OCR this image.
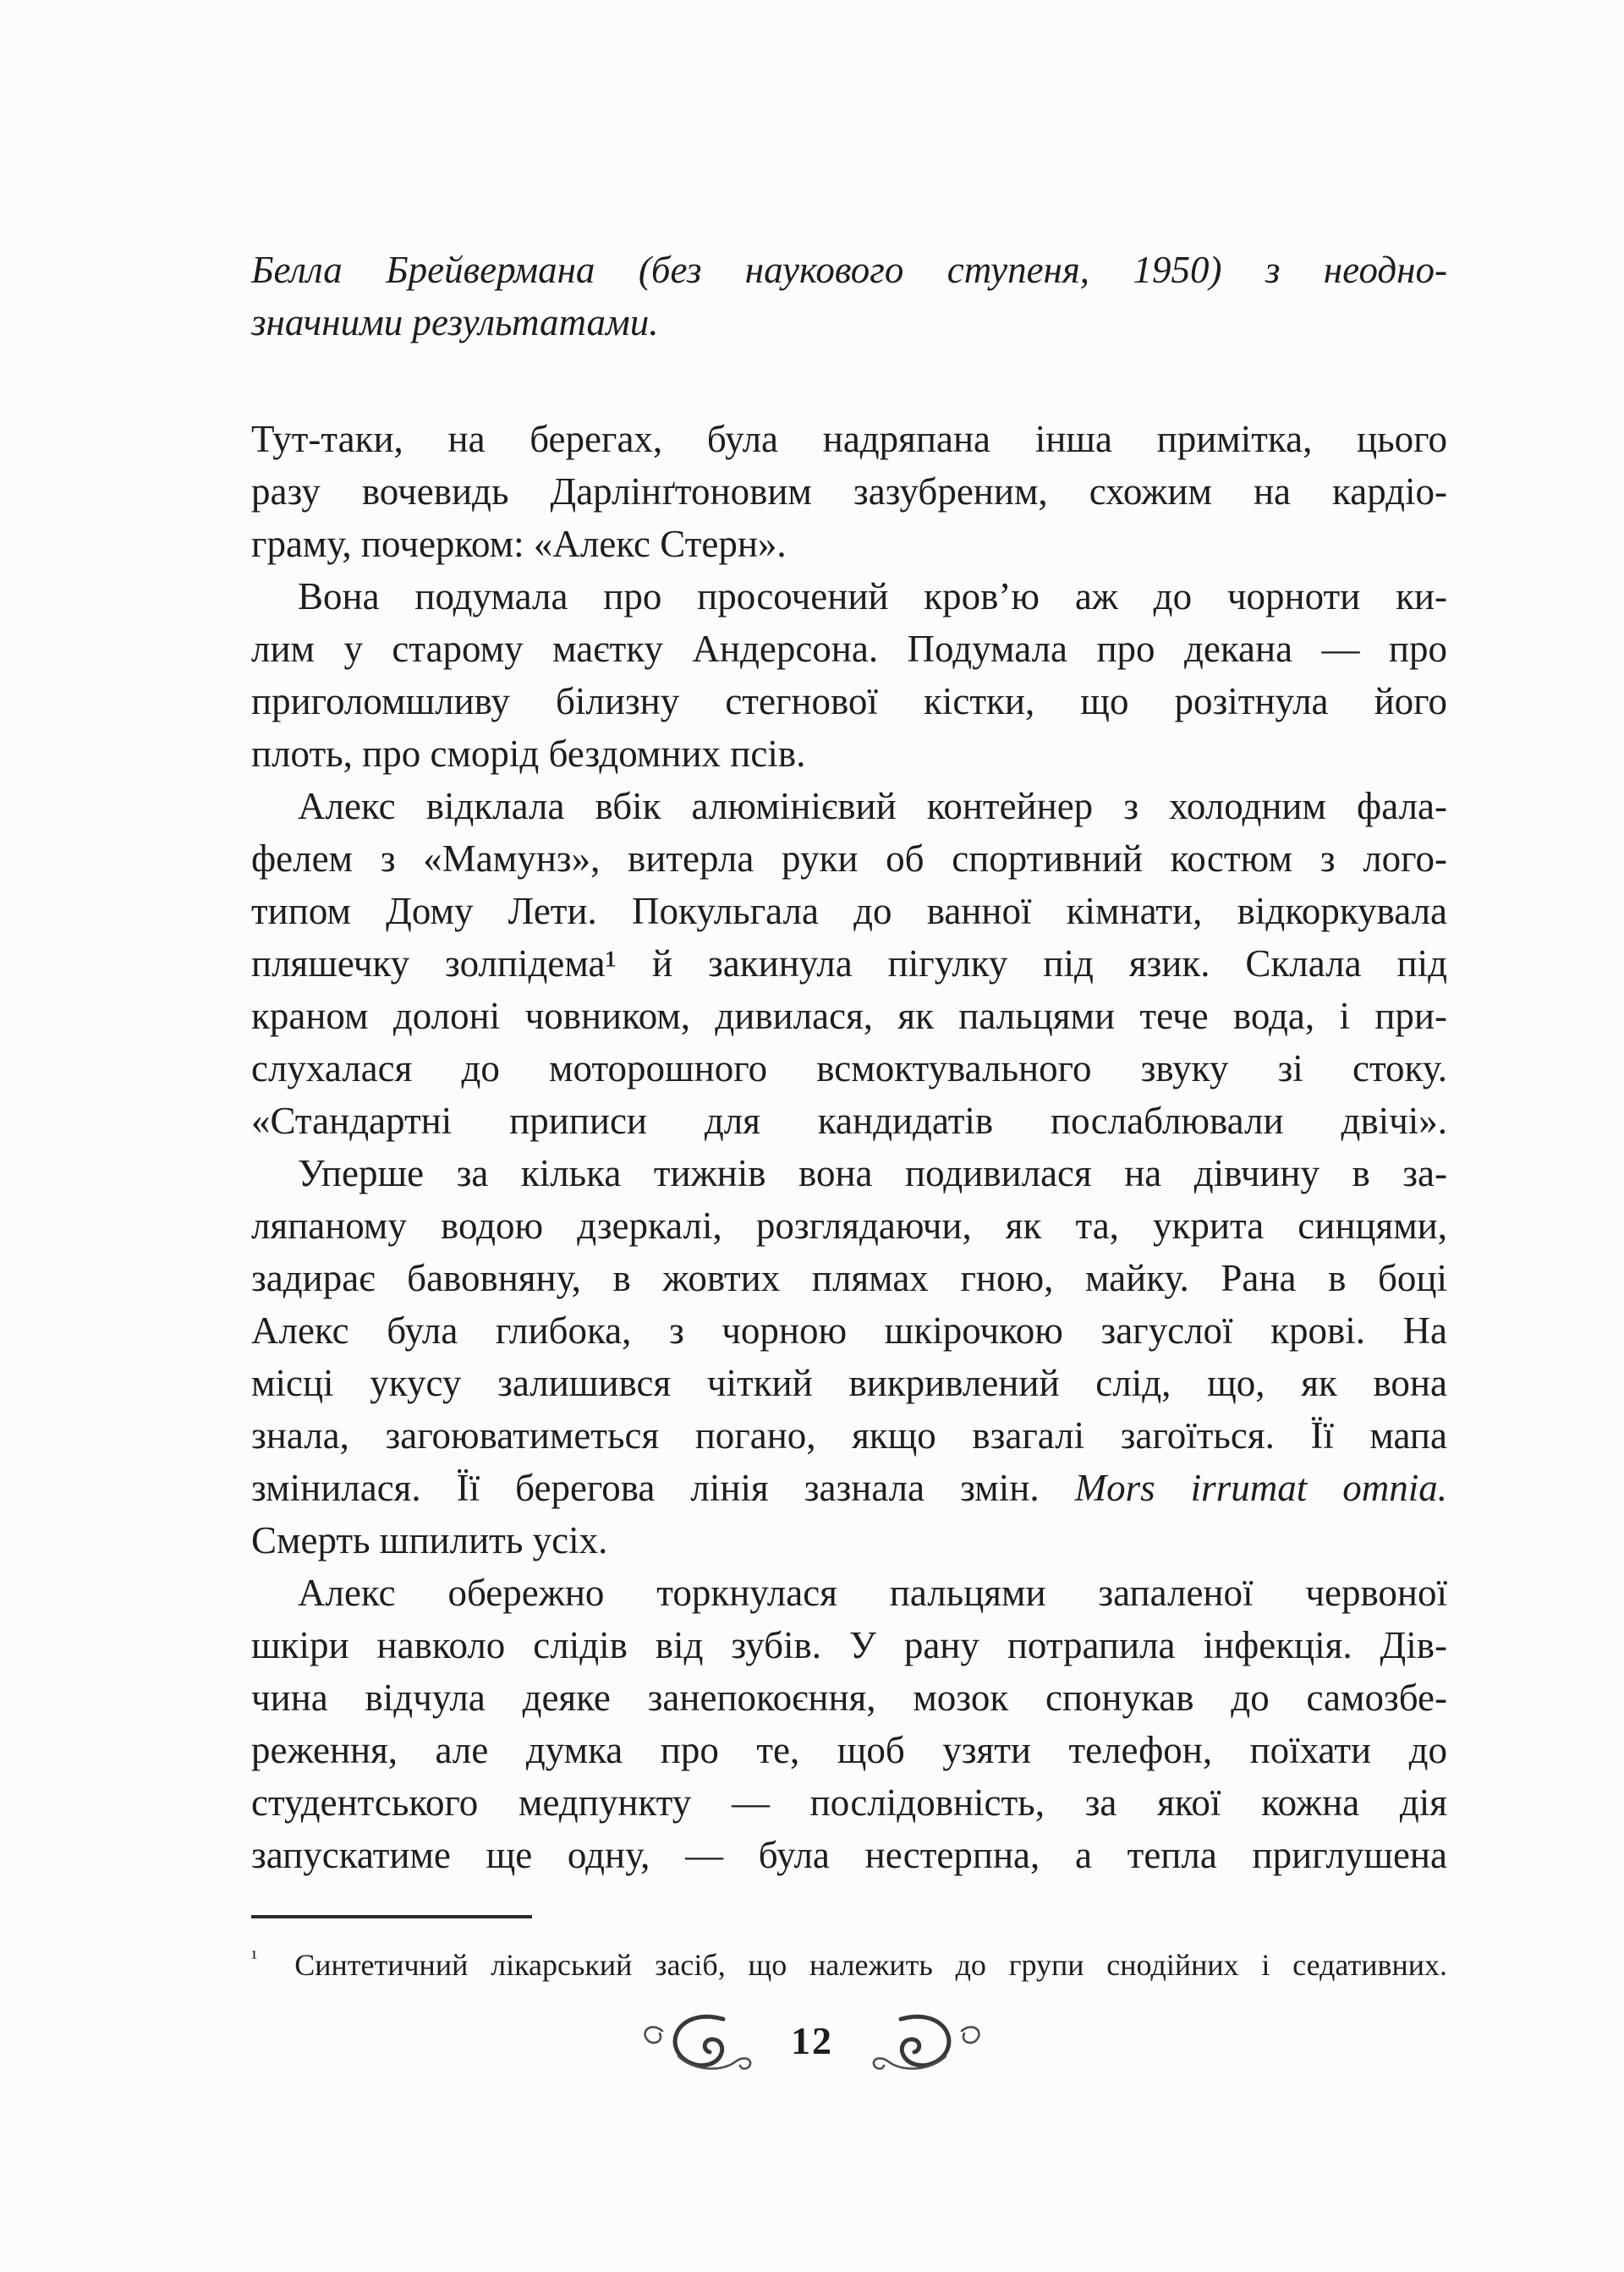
Белла Брейвермана (без наукового ступеня, 1950) з неодно-
значними результатами.
Тут-таки, на берегах, була надряпана інша примітка, цього
разу вочевидь Дарлінґтоновим зазубреним, схожим на кардіо-
граму, почерком: «Алекс Стерн».
Вона подумала про просочений кров’ю аж до чорноти ки-
лим у старому маєтку Андерсона. Подумала про декана — про
приголомшливу білизну стегнової кістки, що розітнула його
плоть, про сморід бездомних псів.
Алекс відклала вбік алюмінієвий контейнер з холодним фала-
фелем з «Мамунз», витерла руки об спортивний костюм з лого-
типом Дому Лети. Покульгала до ванної кімнати, відкоркувала
пляшечку золпідема¹ й закинула пігулку під язик. Склала під
краном долоні човником, дивилася, як пальцями тече вода, і при-
слухалася до моторошного всмоктувального звуку зі стоку.
«Стандартні приписи для кандидатів послаблювали двічі».
Уперше за кілька тижнів вона подивилася на дівчину в за-
ляпаному водою дзеркалі, розглядаючи, як та, укрита синцями,
задирає бавовняну, в жовтих плямах гною, майку. Рана в боці
Алекс була глибока, з чорною шкірочкою загуслої крові. На
місці укусу залишився чіткий викривлений слід, що, як вона
знала, загоюватиметься погано, якщо взагалі загоїться. Її мапа
змінилася. Її берегова лінія зазнала змін. Mors irrumat omnia.
Смерть шпилить усіх.
Алекс обережно торкнулася пальцями запаленої червоної
шкіри навколо слідів від зубів. У рану потрапила інфекція. Дів-
чина відчула деяке занепокоєння, мозок спонукав до самозбе-
реження, але думка про те, щоб узяти телефон, поїхати до
студентського медпункту — послідовність, за якої кожна дія
запускатиме ще одну, — була нестерпна, а тепла приглушена
$^{^1}$ Синтетичний лікарський засіб, що належить до групи снодійних і седативних.
12
